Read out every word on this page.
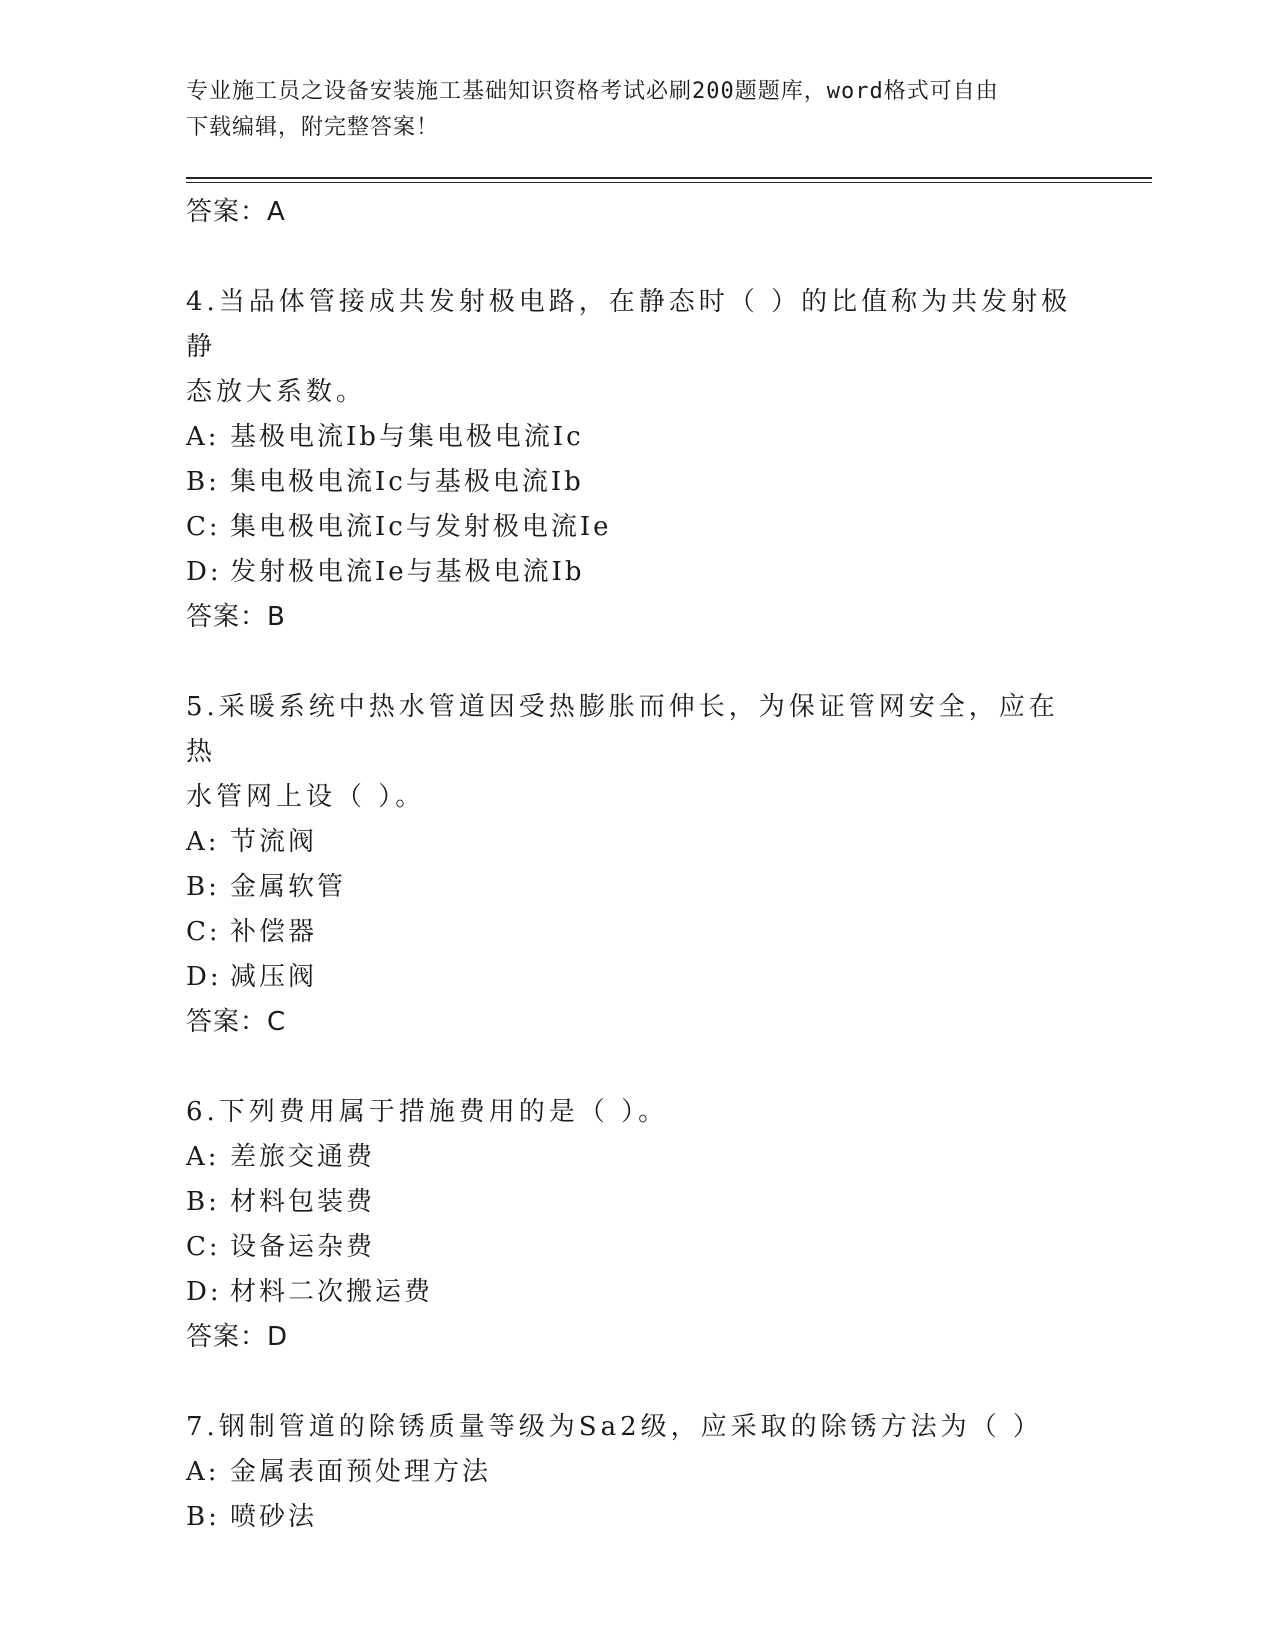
专业施工员之设备安装施工基础知识资格考试必刷200题题库，word格式可自由
下载编辑，附完整答案！

答案：A

4.当品体管接成共发射极电路，在静态时（ ）的比值称为共发射极静

态放大系数。

A: 基极电流Ib与集电极电流Ic

B: 集电极电流Ic与基极电流Ib

C: 集电极电流Ic与发射极电流Ie

D: 发射极电流Ie与基极电流Ib

答案：B

5.采暖系统中热水管道因受热膨胀而伸长，为保证管网安全，应在热

水管网上设（ ）。

A: 节流阀

B: 金属软管

C: 补偿器

D: 减压阀

答案：C

6.下列费用属于措施费用的是（ ）。

A: 差旅交通费

B: 材料包装费

C: 设备运杂费

D: 材料二次搬运费

答案：D

7.钢制管道的除锈质量等级为Sa2级，应采取的除锈方法为（ ）

A: 金属表面预处理方法

B: 喷砂法
